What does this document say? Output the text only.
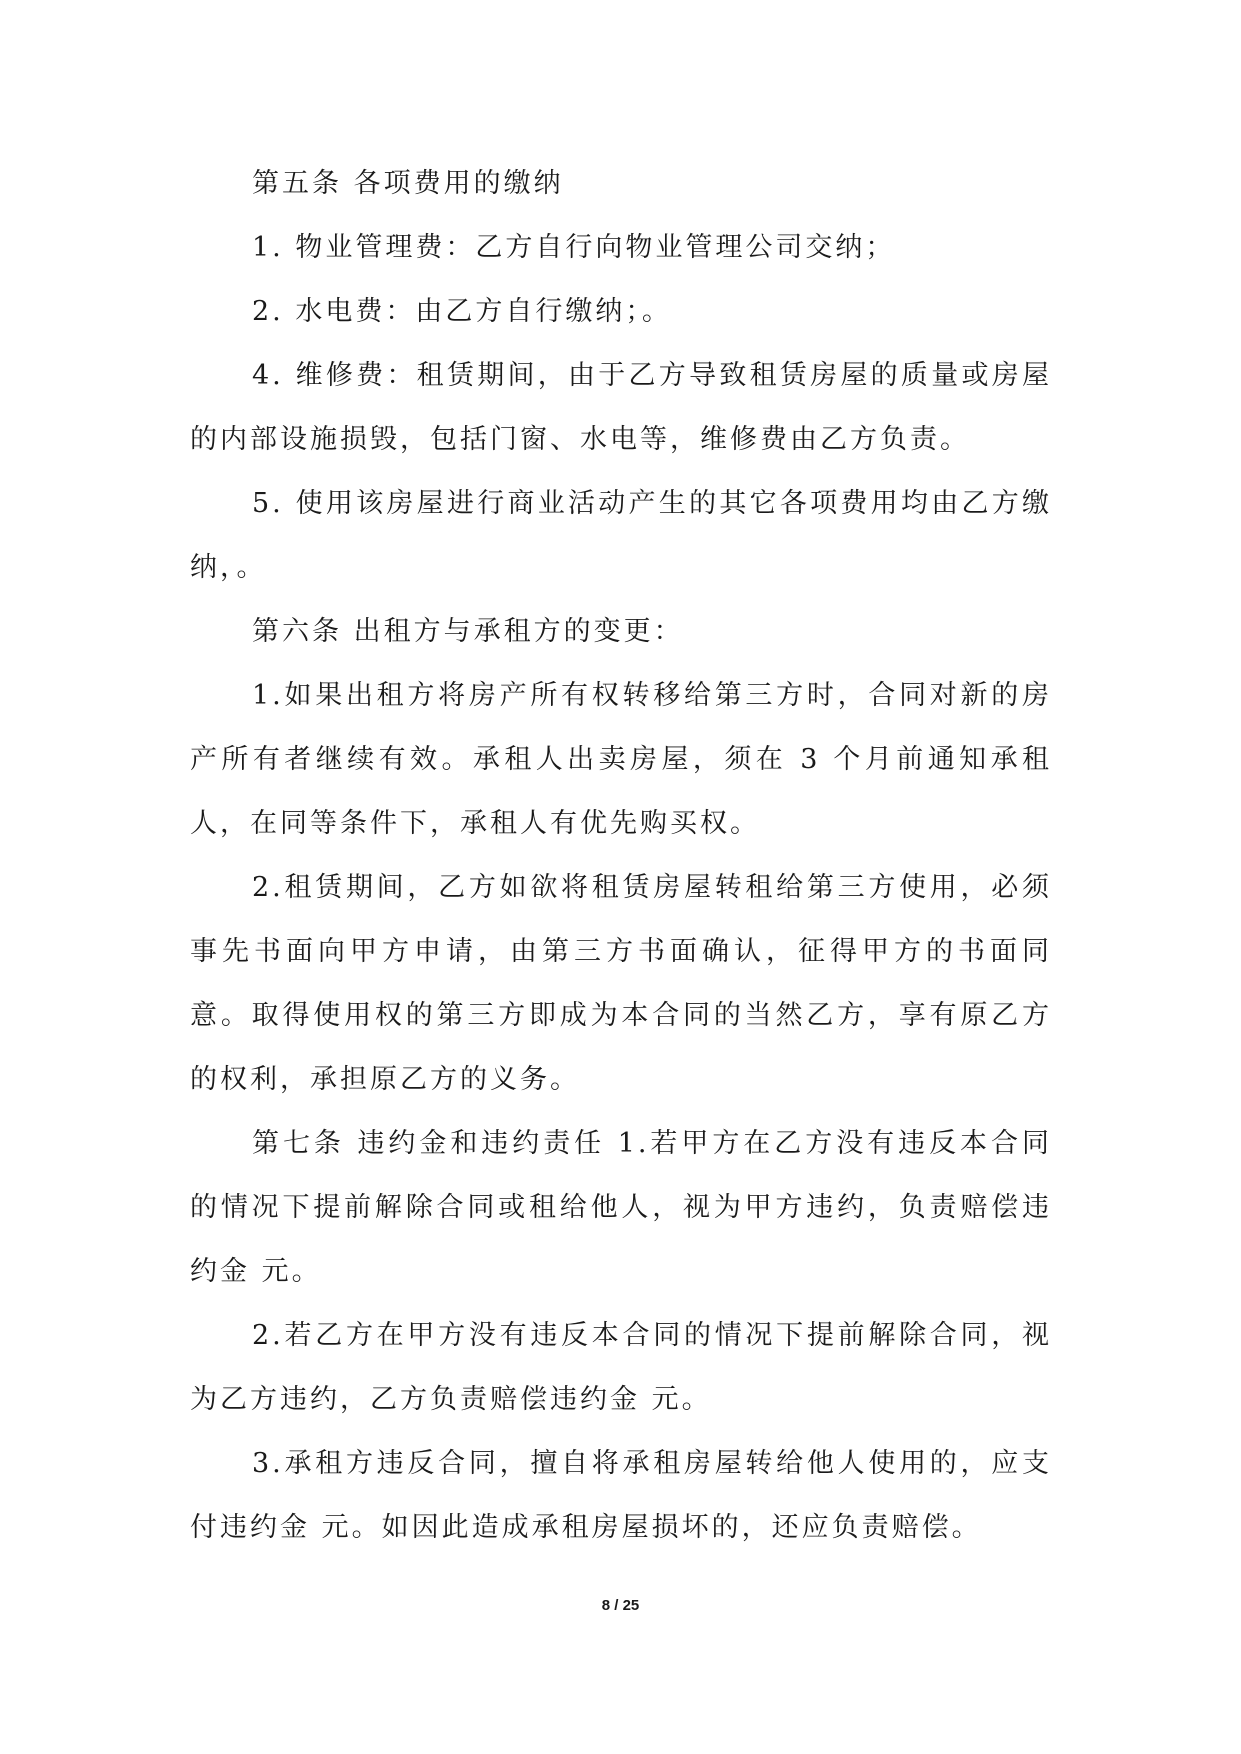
第五条 各项费用的缴纳

1. 物业管理费：乙方自行向物业管理公司交纳；

2. 水电费：由乙方自行缴纳；。

4. 维修费：租赁期间，由于乙方导致租赁房屋的质量或房屋的内部设施损毁，包括门窗、水电等，维修费由乙方负责。

5. 使用该房屋进行商业活动产生的其它各项费用均由乙方缴纳，。

第六条 出租方与承租方的变更：

1.如果出租方将房产所有权转移给第三方时，合同对新的房产所有者继续有效。承租人出卖房屋，须在 3 个月前通知承租人，在同等条件下，承租人有优先购买权。

2.租赁期间，乙方如欲将租赁房屋转租给第三方使用，必须事先书面向甲方申请，由第三方书面确认，征得甲方的书面同意。取得使用权的第三方即成为本合同的当然乙方，享有原乙方的权利，承担原乙方的义务。

第七条 违约金和违约责任 1.若甲方在乙方没有违反本合同的情况下提前解除合同或租给他人，视为甲方违约，负责赔偿违约金 元。

2.若乙方在甲方没有违反本合同的情况下提前解除合同，视为乙方违约，乙方负责赔偿违约金 元。

3.承租方违反合同，擅自将承租房屋转给他人使用的，应支付违约金 元。如因此造成承租房屋损坏的，还应负责赔偿。

8 / 25
